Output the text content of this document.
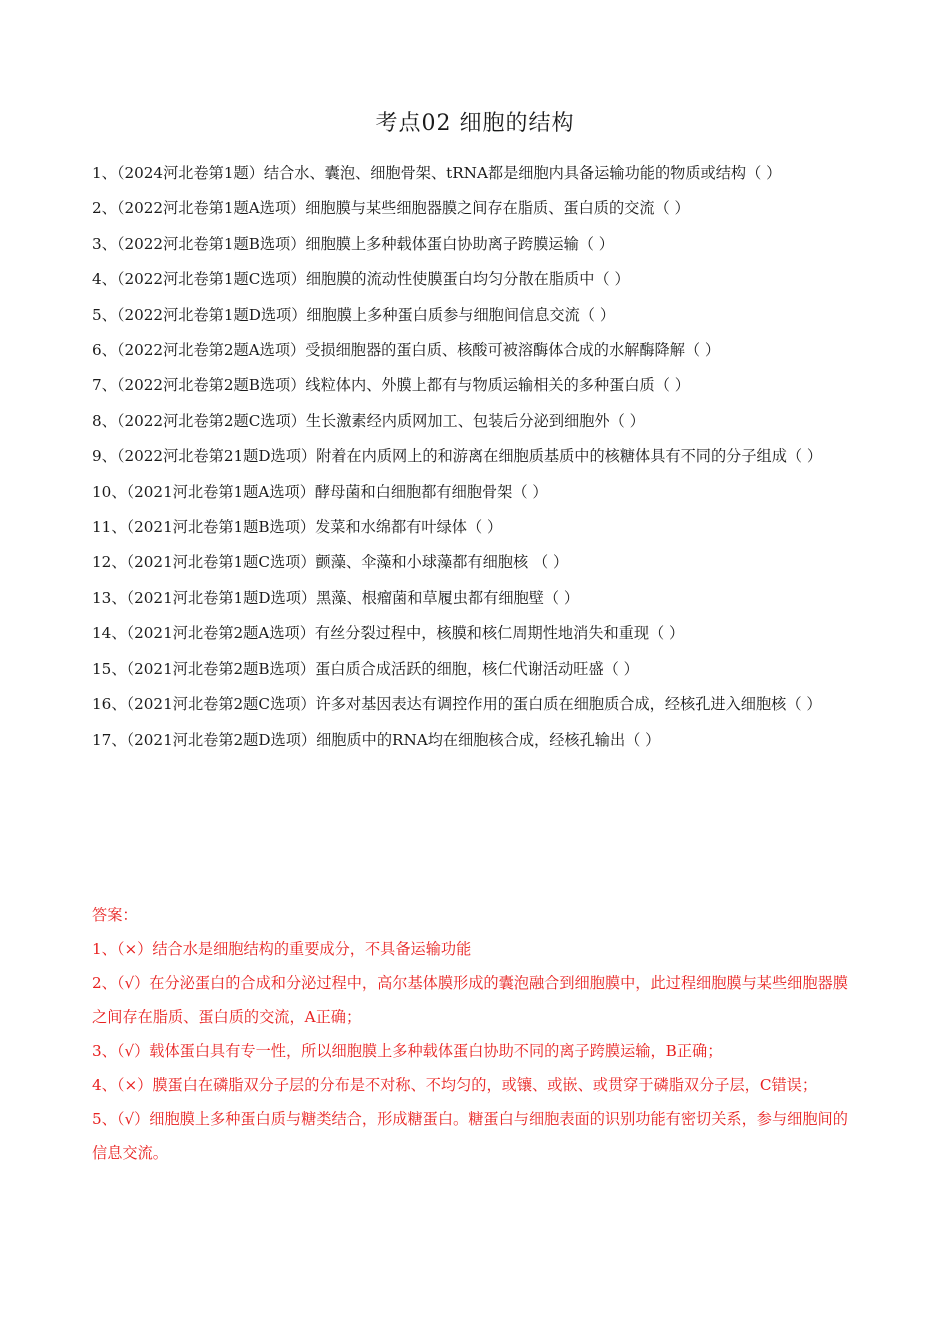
考点02 细胞的结构

1、（2024河北卷第1题）结合水、囊泡、细胞骨架、tRNA都是细胞内具备运输功能的物质或结构（ ）

2、（2022河北卷第1题A选项）细胞膜与某些细胞器膜之间存在脂质、蛋白质的交流（ ）

3、（2022河北卷第1题B选项）细胞膜上多种载体蛋白协助离子跨膜运输（ ）

4、（2022河北卷第1题C选项）细胞膜的流动性使膜蛋白均匀分散在脂质中（ ）

5、（2022河北卷第1题D选项）细胞膜上多种蛋白质参与细胞间信息交流（ ）

6、（2022河北卷第2题A选项）受损细胞器的蛋白质、核酸可被溶酶体合成的水解酶降解（ ）

7、（2022河北卷第2题B选项）线粒体内、外膜上都有与物质运输相关的多种蛋白质（ ）

8、（2022河北卷第2题C选项）生长激素经内质网加工、包装后分泌到细胞外（ ）

9、（2022河北卷第21题D选项）附着在内质网上的和游离在细胞质基质中的核糖体具有不同的分子组成（ ）

10、（2021河北卷第1题A选项）酵母菌和白细胞都有细胞骨架（ ）

11、（2021河北卷第1题B选项）发菜和水绵都有叶绿体（ ）

12、（2021河北卷第1题C选项）颤藻、伞藻和小球藻都有细胞核 （ ）

13、（2021河北卷第1题D选项）黑藻、根瘤菌和草履虫都有细胞壁（ ）

14、（2021河北卷第2题A选项）有丝分裂过程中，核膜和核仁周期性地消失和重现（ ）

15、（2021河北卷第2题B选项）蛋白质合成活跃的细胞，核仁代谢活动旺盛（ ）

16、（2021河北卷第2题C选项）许多对基因表达有调控作用的蛋白质在细胞质合成，经核孔进入细胞核（ ）

17、（2021河北卷第2题D选项）细胞质中的RNA均在细胞核合成，经核孔输出（ ）

答案：

1、（×）结合水是细胞结构的重要成分，不具备运输功能

2、（√）在分泌蛋白的合成和分泌过程中，高尔基体膜形成的囊泡融合到细胞膜中，此过程细胞膜与某些细胞器膜之间存在脂质、蛋白质的交流，A正确；

3、（√）载体蛋白具有专一性，所以细胞膜上多种载体蛋白协助不同的离子跨膜运输，B正确；

4、（×）膜蛋白在磷脂双分子层的分布是不对称、不均匀的，或镶、或嵌、或贯穿于磷脂双分子层，C错误；

5、（√）细胞膜上多种蛋白质与糖类结合，形成糖蛋白。糖蛋白与细胞表面的识别功能有密切关系，参与细胞间的信息交流。
